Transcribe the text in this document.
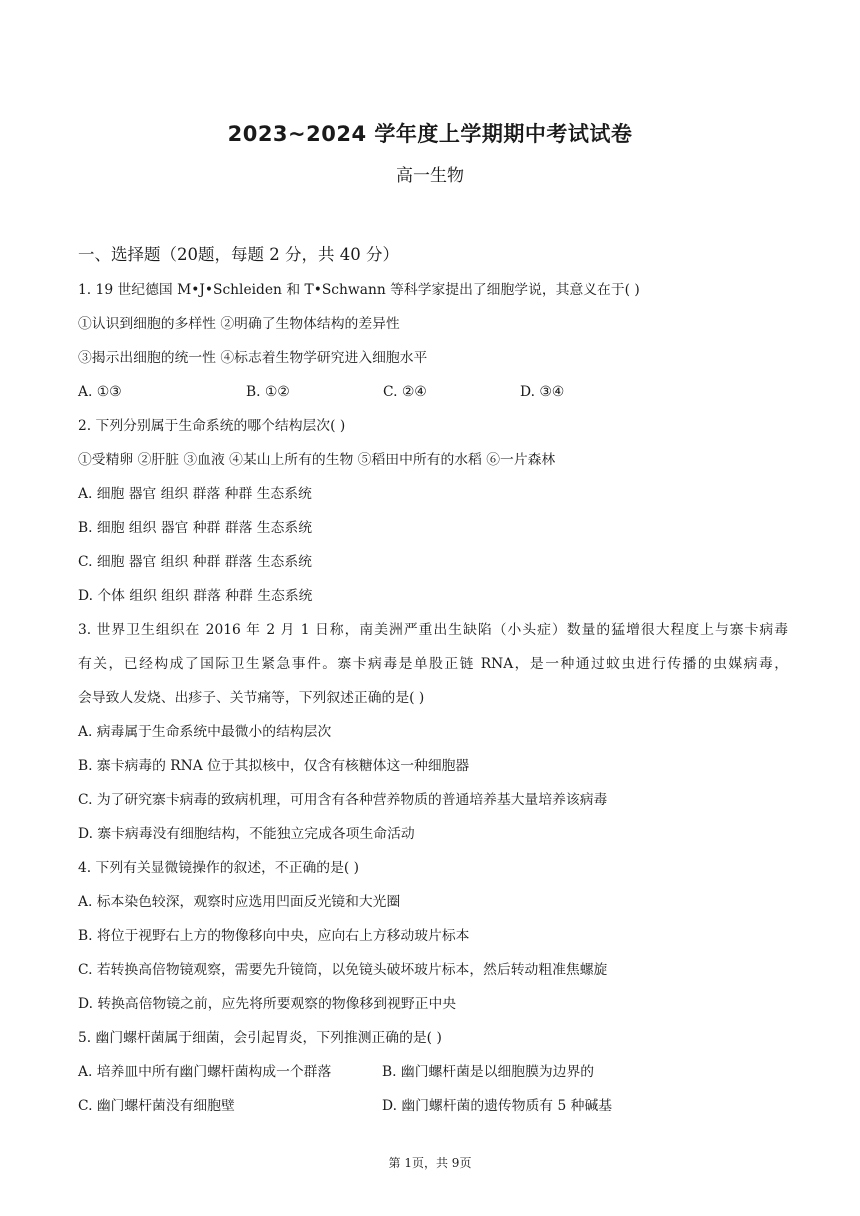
2023~2024 学年度上学期期中考试试卷
高一生物
一、选择题（20题，每题 2 分，共 40 分）
1. 19 世纪德国 M•J•Schleiden 和 T•Schwann 等科学家提出了细胞学说，其意义在于( )
①认识到细胞的多样性 ②明确了生物体结构的差异性
③揭示出细胞的统一性 ④标志着生物学研究进入细胞水平
A. ①③	B. ①②	C. ②④	D. ③④
2. 下列分别属于生命系统的哪个结构层次( )
①受精卵 ②肝脏 ③血液 ④某山上所有的生物 ⑤稻田中所有的水稻 ⑥一片森林
A. 细胞 器官 组织 群落 种群 生态系统
B. 细胞 组织 器官 种群 群落 生态系统
C. 细胞 器官 组织 种群 群落 生态系统
D. 个体 组织 组织 群落 种群 生态系统
3. 世界卫生组织在 2016 年 2 月 1 日称，南美洲严重出生缺陷（小头症）数量的猛增很大程度上与寨卡病毒
有关，已经构成了国际卫生紧急事件。寨卡病毒是单股正链 RNA，是一种通过蚊虫进行传播的虫媒病毒，
会导致人发烧、出疹子、关节痛等，下列叙述正确的是( )
A. 病毒属于生命系统中最微小的结构层次
B. 寨卡病毒的 RNA 位于其拟核中，仅含有核糖体这一种细胞器
C. 为了研究寨卡病毒的致病机理，可用含有各种营养物质的普通培养基大量培养该病毒
D. 寨卡病毒没有细胞结构，不能独立完成各项生命活动
4. 下列有关显微镜操作的叙述，不正确的是( )
A. 标本染色较深，观察时应选用凹面反光镜和大光圈
B. 将位于视野右上方的物像移向中央，应向右上方移动玻片标本
C. 若转换高倍物镜观察，需要先升镜筒，以免镜头破坏玻片标本，然后转动粗准焦螺旋
D. 转换高倍物镜之前，应先将所要观察的物像移到视野正中央
5. 幽门螺杆菌属于细菌，会引起胃炎，下列推测正确的是( )
A. 培养皿中所有幽门螺杆菌构成一个群落	B. 幽门螺杆菌是以细胞膜为边界的
C. 幽门螺杆菌没有细胞壁	D. 幽门螺杆菌的遗传物质有 5 种碱基
第 1页，共 9页
